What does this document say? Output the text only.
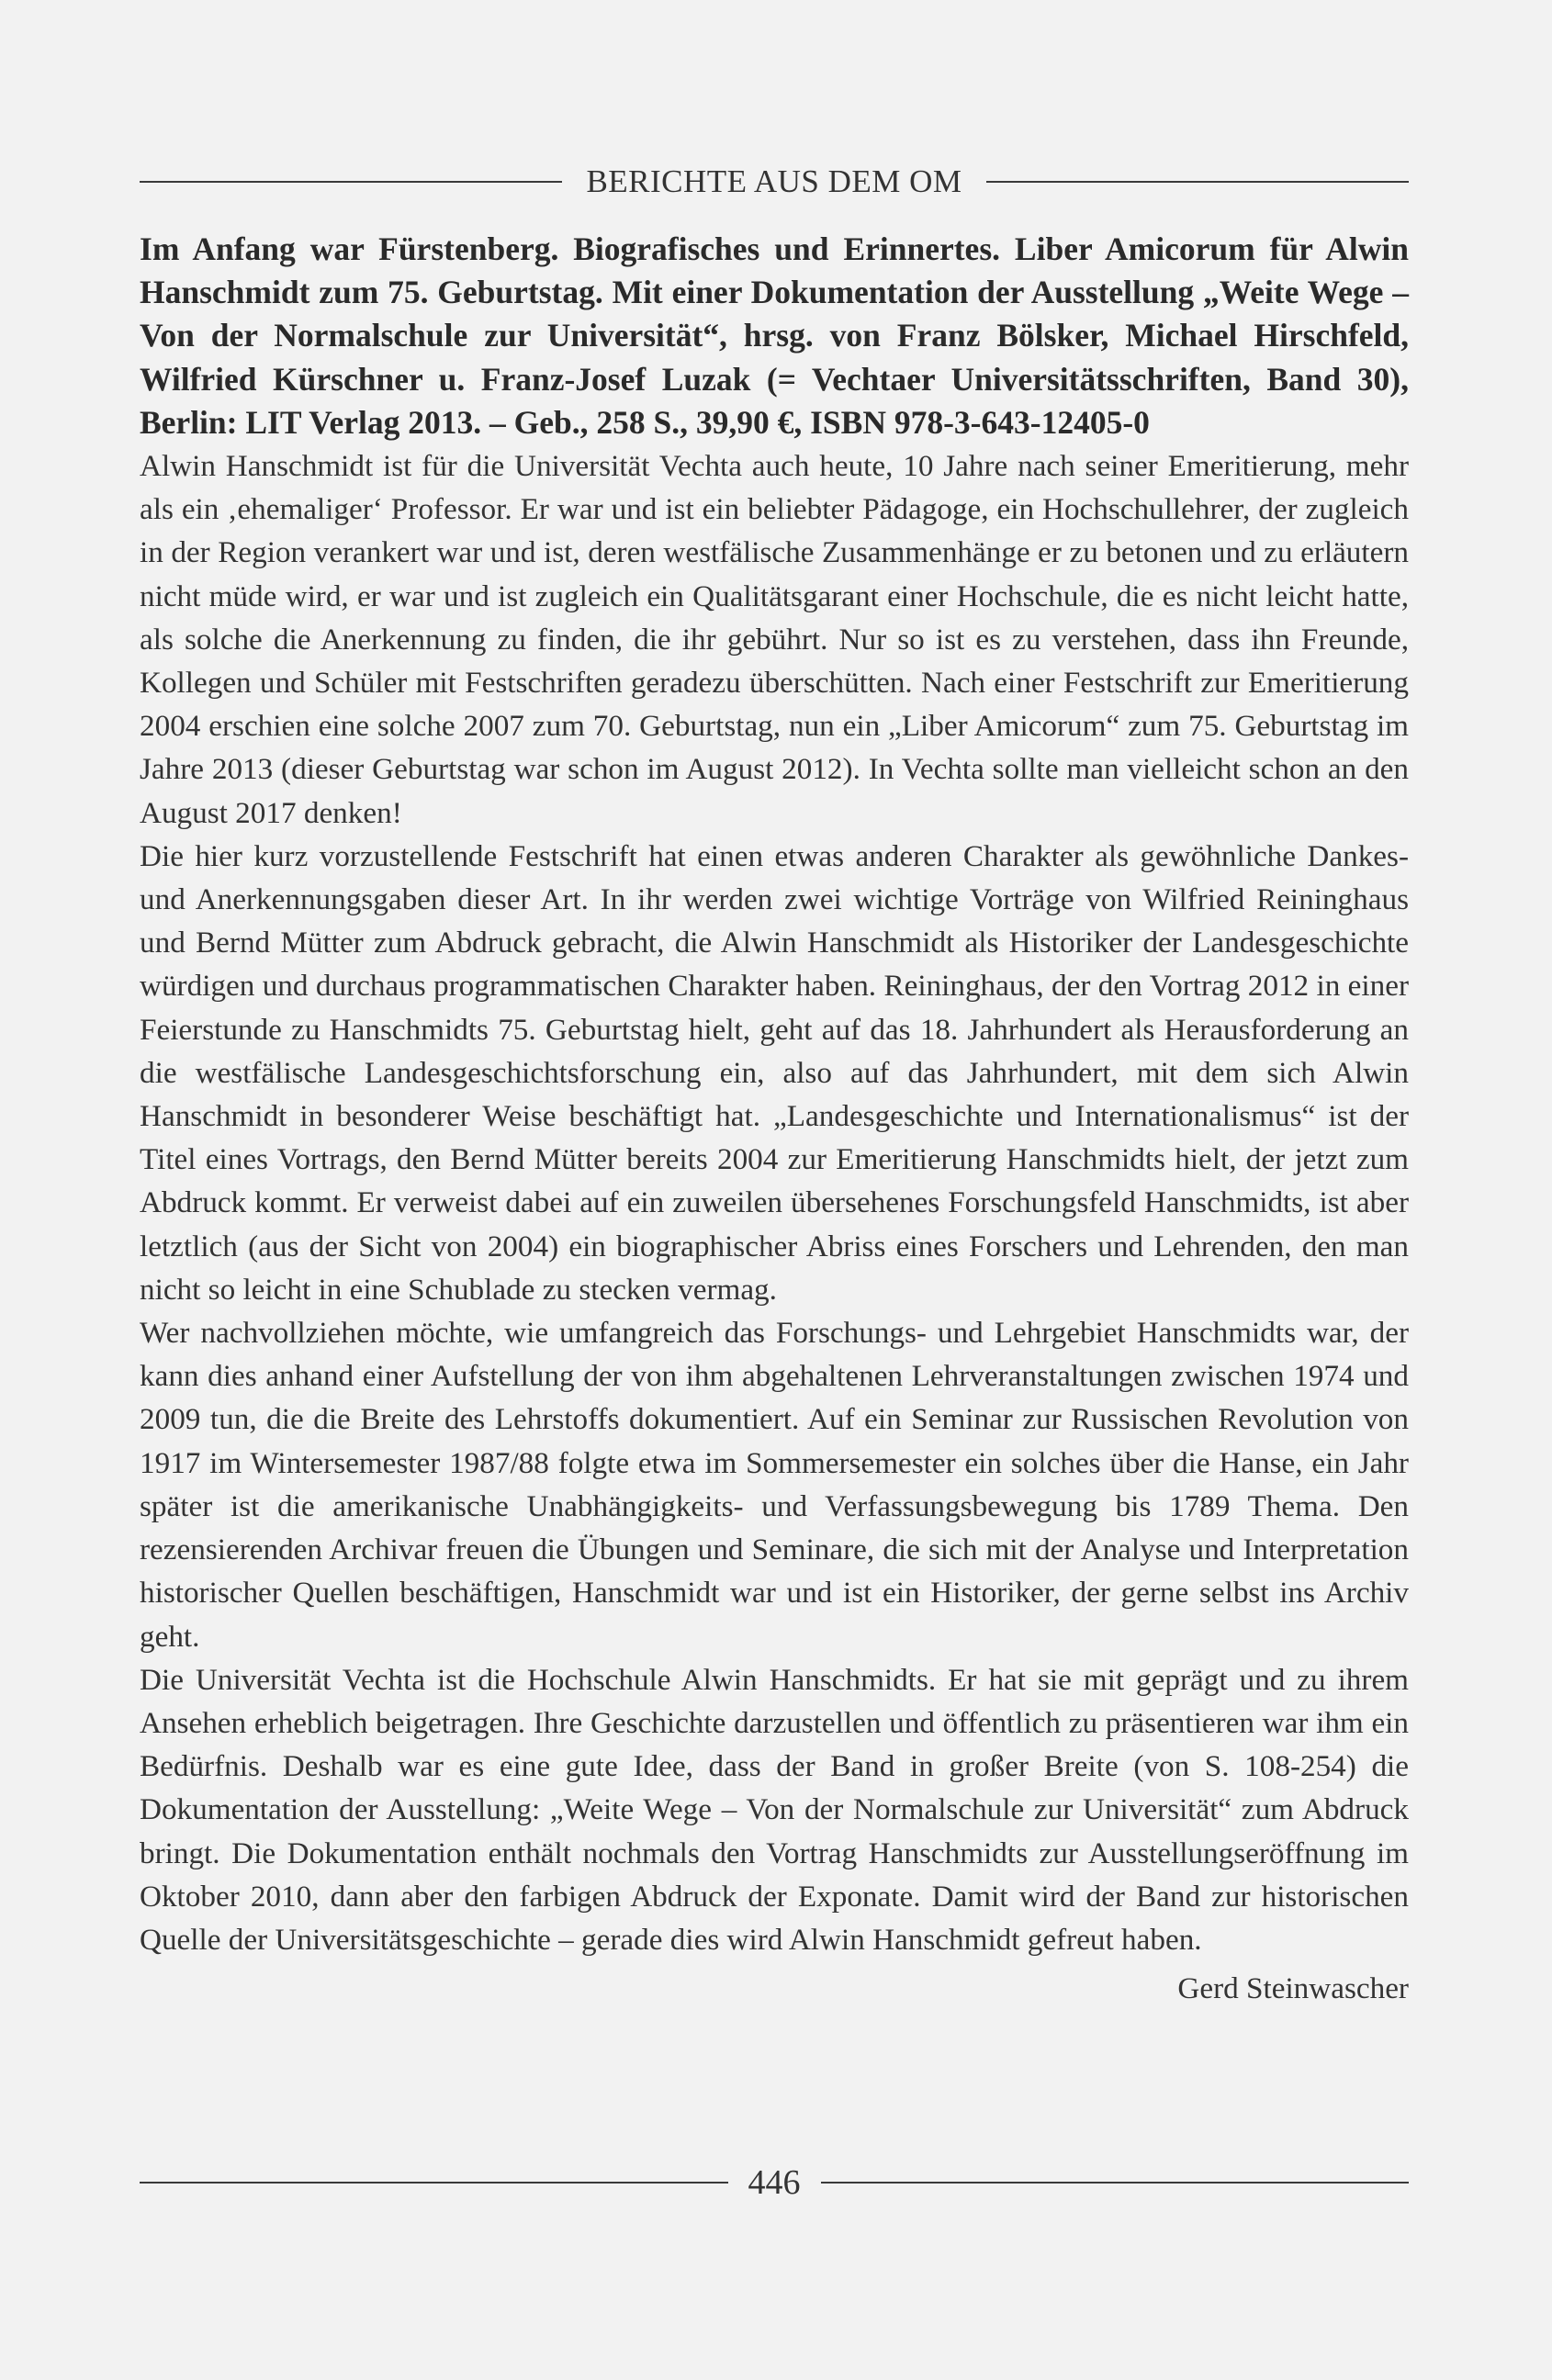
BERICHTE AUS DEM OM

Im Anfang war Fürstenberg. Biografisches und Erinnertes. Liber Amicorum für Alwin Hanschmidt zum 75. Geburtstag. Mit einer Dokumentation der Ausstellung „Weite Wege – Von der Normalschule zur Universität“, hrsg. von Franz Bölsker, Michael Hirschfeld, Wilfried Kürschner u. Franz-Josef Luzak (= Vechtaer Universitätsschriften, Band 30), Berlin: LIT Verlag 2013. – Geb., 258 S., 39,90 €, ISBN 978-3-643-12405-0

Alwin Hanschmidt ist für die Universität Vechta auch heute, 10 Jahre nach seiner Emeritierung, mehr als ein ‚ehemaliger‘ Professor. Er war und ist ein beliebter Pädagoge, ein Hochschullehrer, der zugleich in der Region verankert war und ist, deren westfälische Zusammenhänge er zu betonen und zu erläutern nicht müde wird, er war und ist zugleich ein Qualitätsgarant einer Hochschule, die es nicht leicht hatte, als solche die Anerkennung zu finden, die ihr gebührt. Nur so ist es zu verstehen, dass ihn Freunde, Kollegen und Schüler mit Festschriften geradezu überschütten. Nach einer Festschrift zur Emeritierung 2004 erschien eine solche 2007 zum 70. Geburtstag, nun ein „Liber Amicorum“ zum 75. Geburtstag im Jahre 2013 (dieser Geburtstag war schon im August 2012). In Vechta sollte man vielleicht schon an den August 2017 denken!

Die hier kurz vorzustellende Festschrift hat einen etwas anderen Charakter als gewöhnliche Dankes- und Anerkennungsgaben dieser Art. In ihr werden zwei wichtige Vorträge von Wilfried Reininghaus und Bernd Mütter zum Abdruck gebracht, die Alwin Hanschmidt als Historiker der Landesgeschichte würdigen und durchaus programmatischen Charakter haben. Reininghaus, der den Vortrag 2012 in einer Feierstunde zu Hanschmidts 75. Geburtstag hielt, geht auf das 18. Jahrhundert als Herausforderung an die westfälische Landesgeschichtsforschung ein, also auf das Jahrhundert, mit dem sich Alwin Hanschmidt in besonderer Weise beschäftigt hat. „Landesgeschichte und Internationalismus“ ist der Titel eines Vortrags, den Bernd Mütter bereits 2004 zur Emeritierung Hanschmidts hielt, der jetzt zum Abdruck kommt. Er verweist dabei auf ein zuweilen übersehenes Forschungsfeld Hanschmidts, ist aber letztlich (aus der Sicht von 2004) ein biographischer Abriss eines Forschers und Lehrenden, den man nicht so leicht in eine Schublade zu stecken vermag.

Wer nachvollziehen möchte, wie umfangreich das Forschungs- und Lehrgebiet Hanschmidts war, der kann dies anhand einer Aufstellung der von ihm abgehaltenen Lehrveranstaltungen zwischen 1974 und 2009 tun, die die Breite des Lehrstoffs dokumentiert. Auf ein Seminar zur Russischen Revolution von 1917 im Wintersemester 1987/88 folgte etwa im Sommersemester ein solches über die Hanse, ein Jahr später ist die amerikanische Unabhängigkeits- und Verfassungsbewegung bis 1789 Thema. Den rezensierenden Archivar freuen die Übungen und Seminare, die sich mit der Analyse und Interpretation historischer Quellen beschäftigen, Hanschmidt war und ist ein Historiker, der gerne selbst ins Archiv geht.

Die Universität Vechta ist die Hochschule Alwin Hanschmidts. Er hat sie mit geprägt und zu ihrem Ansehen erheblich beigetragen. Ihre Geschichte darzustellen und öffentlich zu präsentieren war ihm ein Bedürfnis. Deshalb war es eine gute Idee, dass der Band in großer Breite (von S. 108-254) die Dokumentation der Ausstellung: „Weite Wege – Von der Normalschule zur Universität“ zum Abdruck bringt. Die Dokumentation enthält nochmals den Vortrag Hanschmidts zur Ausstellungseröffnung im Oktober 2010, dann aber den farbigen Abdruck der Exponate. Damit wird der Band zur historischen Quelle der Universitätsgeschichte – gerade dies wird Alwin Hanschmidt gefreut haben.

Gerd Steinwascher

446
